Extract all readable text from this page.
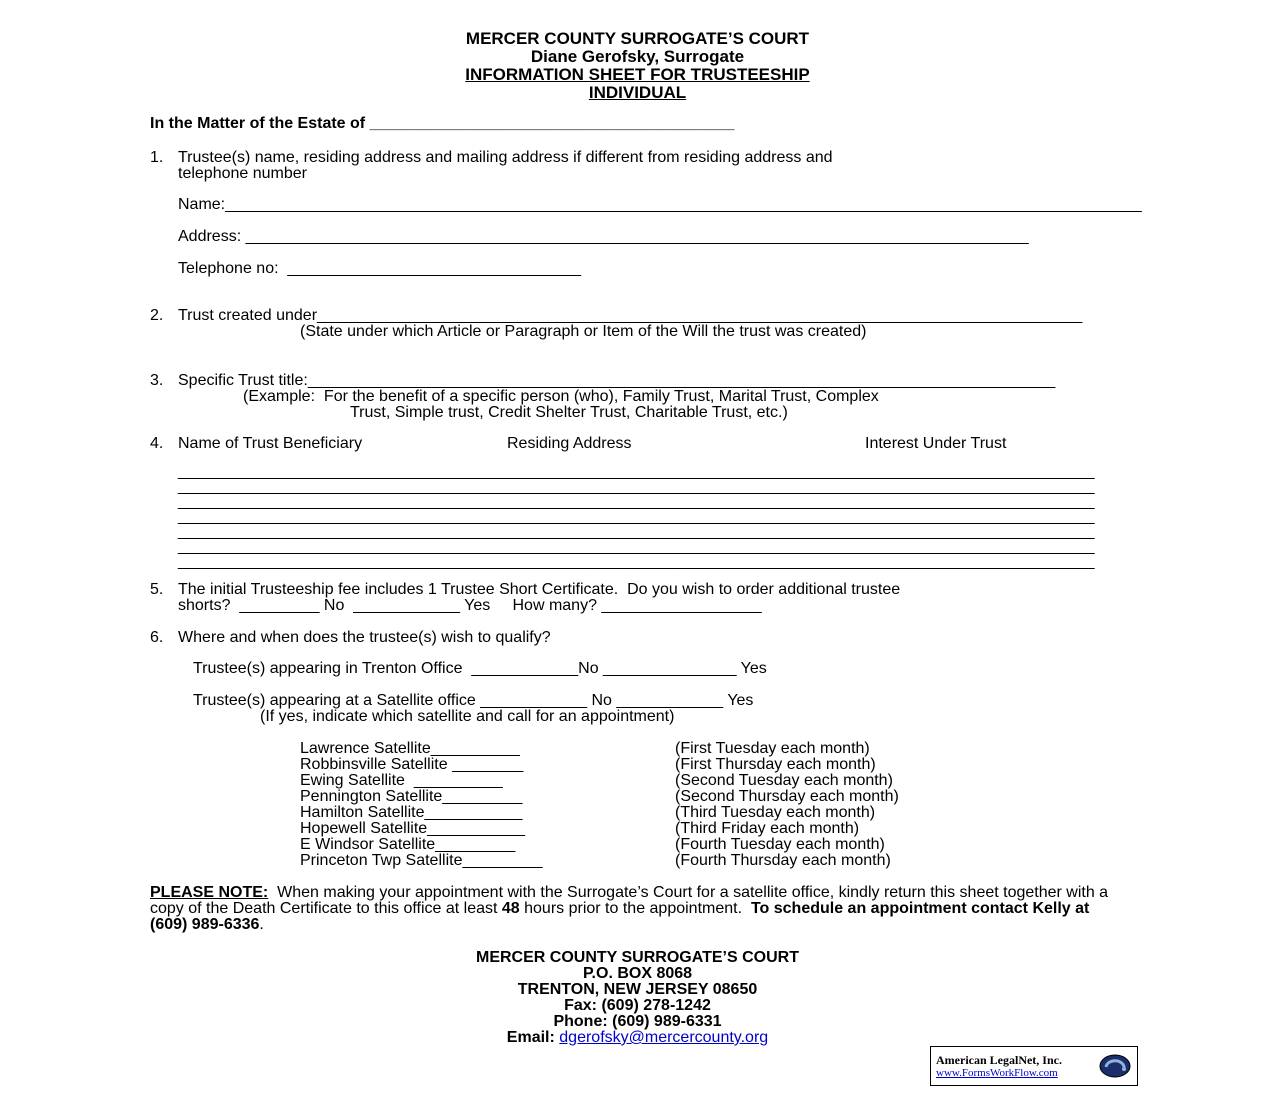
MERCER COUNTY SURROGATE’S COURT
Diane Gerofsky, Surrogate
INFORMATION SHEET FOR TRUSTEESHIP
INDIVIDUAL
In the Matter of the Estate of _________________________________________
1. Trustee(s) name, residing address and mailing address if different from residing address and
telephone number
Name:_______________________________________________________________________________________________________
Address: ________________________________________________________________________________________
Telephone no:  _________________________________
2. Trust created under______________________________________________________________________________________
(State under which Article or Paragraph or Item of the Will the trust was created)
3. Specific Trust title:____________________________________________________________________________________
(Example:  For the benefit of a specific person (who), Family Trust, Marital Trust, Complex
Trust, Simple trust, Credit Shelter Trust, Charitable Trust, etc.)
4. Name of Trust Beneficiary	Residing Address	Interest Under Trust
_______________________________________________________________________________________________________
_______________________________________________________________________________________________________
_______________________________________________________________________________________________________
_______________________________________________________________________________________________________
_______________________________________________________________________________________________________
_______________________________________________________________________________________________________
_______________________________________________________________________________________________________
5. The initial Trusteeship fee includes 1 Trustee Short Certificate.  Do you wish to order additional trustee
shorts?  _________ No  ____________ Yes     How many? __________________
6. Where and when does the trustee(s) wish to qualify?
Trustee(s) appearing in Trenton Office  ____________No _______________ Yes
Trustee(s) appearing at a Satellite office ____________ No ____________ Yes
(If yes, indicate which satellite and call for an appointment)
Lawrence Satellite__________	(First Tuesday each month)
Robbinsville Satellite ________	(First Thursday each month)
Ewing Satellite  __________	(Second Tuesday each month)
Pennington Satellite_________	(Second Thursday each month)
Hamilton Satellite___________	(Third Tuesday each month)
Hopewell Satellite___________	(Third Friday each month)
E Windsor Satellite_________	(Fourth Tuesday each month)
Princeton Twp Satellite_________	(Fourth Thursday each month)

PLEASE NOTE:  When making your appointment with the Surrogate’s Court for a satellite office, kindly return this sheet together with a copy of the Death Certificate to this office at least 48 hours prior to the appointment.  To schedule an appointment contact Kelly at (609) 989-6336.

MERCER COUNTY SURROGATE’S COURT
P.O. BOX 8068
TRENTON, NEW JERSEY 08650
Fax: (609) 278-1242
Phone: (609) 989-6331
Email: dgerofsky@mercercounty.org
American LegalNet, Inc.
www.FormsWorkFlow.com
